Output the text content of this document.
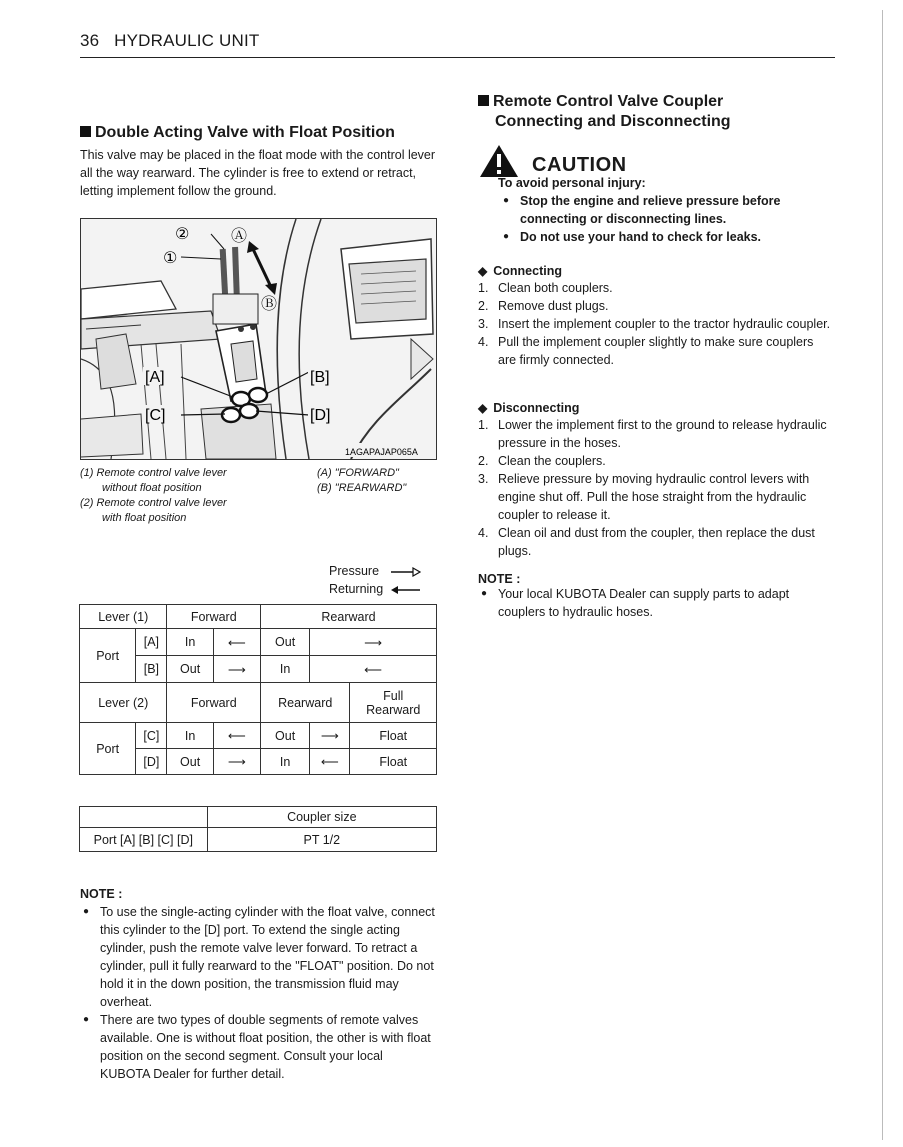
36 HYDRAULIC UNIT
Double Acting Valve with Float Position
This valve may be placed in the float mode with the control lever all the way rearward. The cylinder is free to extend or retract, letting implement follow the ground.
②
①
Ⓐ
Ⓑ
[A]	[B]
[C]	[D]
1AGAPAJAP065A
(1) Remote control valve lever
without float position
(2) Remote control valve lever
with float position
(A) "FORWARD"
(B) "REARWARD"
Pressure
Returning
Lever (1)		Forward		Rearward		
Port	[A]	In	⟵	Out	⟶	
	[B]	Out	⟶	In	⟵	
Lever (2)		Forward		Rearward		Full
Rearward

Port	[C]	In	⟵	Out	⟶	Float
	[D]	Out	⟶	In	⟵	Float
	Coupler size
Port [A] [B] [C] [D]	PT 1/2
NOTE :
● To use the single-acting cylinder with the float valve, connect this cylinder to the [D] port. To extend the single acting cylinder, push the remote valve lever forward. To retract a cylinder, pull it fully rearward to the "FLOAT" position. Do not hold it in the down position, the transmission fluid may overheat.
● There are two types of double segments of remote valves available. One is without float position, the other is with float position on the second segment. Consult your local KUBOTA Dealer for further detail.
Remote Control Valve Coupler
Connecting and Disconnecting
CAUTION
To avoid personal injury:
● Stop the engine and relieve pressure before connecting or disconnecting lines.
● Do not use your hand to check for leaks.
◆ Connecting
1. Clean both couplers.
2. Remove dust plugs.
3. Insert the implement coupler to the tractor hydraulic coupler.
4. Pull the implement coupler slightly to make sure couplers are firmly connected.
◆ Disconnecting
1. Lower the implement first to the ground to release hydraulic pressure in the hoses.
2. Clean the couplers.
3. Relieve pressure by moving hydraulic control levers with engine shut off. Pull the hose straight from the hydraulic coupler to release it.
4. Clean oil and dust from the coupler, then replace the dust plugs.
NOTE :
● Your local KUBOTA Dealer can supply parts to adapt couplers to hydraulic hoses.
